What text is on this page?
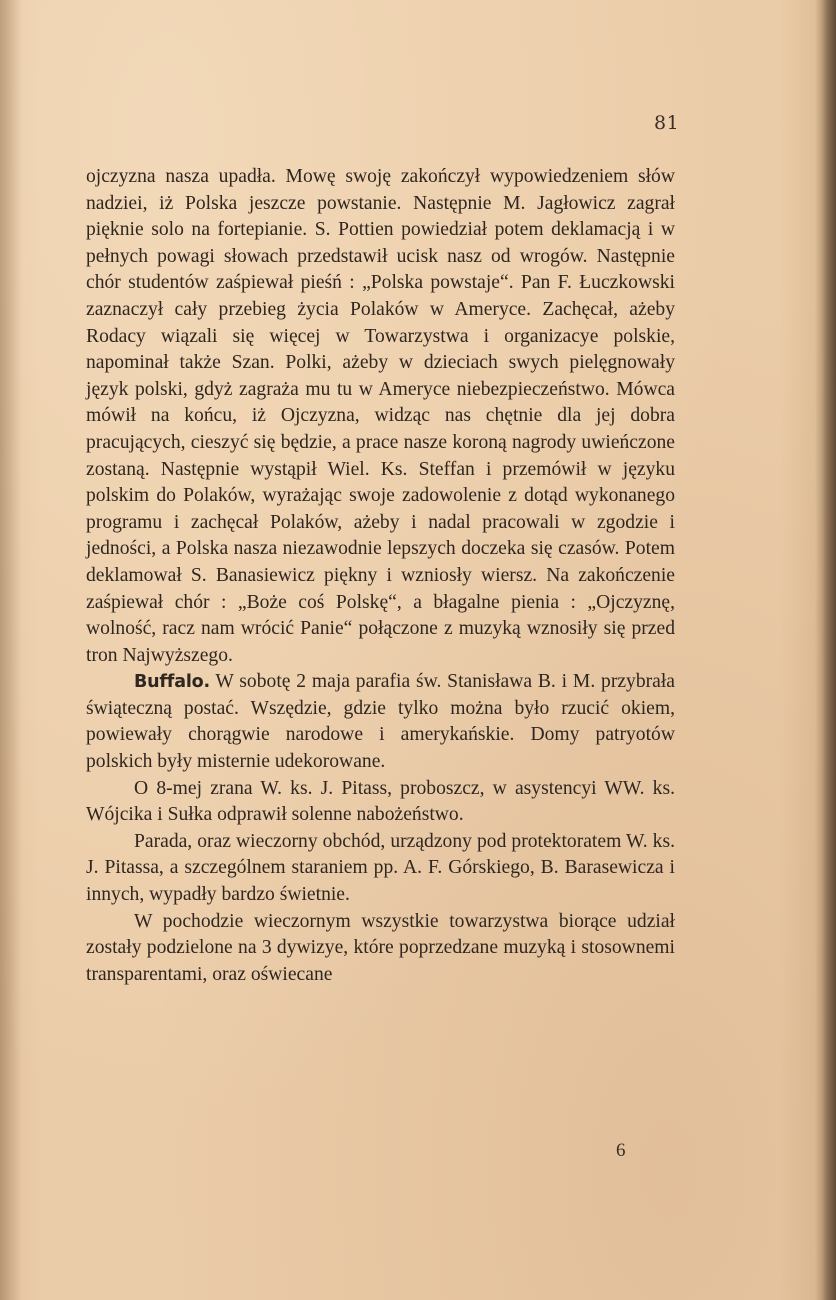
81

ojczyzna nasza upadła. Mowę swoję zakończył wypowiedzeniem słów nadziei, iż Polska jeszcze powstanie. Następnie M. Jagłowicz zagrał pięknie solo na fortepianie. S. Pottien powiedział potem deklamacją i w pełnych powagi słowach przedstawił ucisk nasz od wrogów. Następnie chór studentów zaśpiewał pieśń : „Polska powstaje“. Pan F. Łuczkowski zaznaczył cały przebieg życia Polaków w Ameryce. Zachęcał, ażeby Rodacy wiązali się więcej w Towarzystwa i organizacye polskie, napominał także Szan. Polki, ażeby w dzieciach swych pielęgnowały język polski, gdyż zagraża mu tu w Ameryce niebezpieczeństwo. Mówca mówił na końcu, iż Ojczyzna, widząc nas chętnie dla jej dobra pracujących, cieszyć się będzie, a prace nasze koroną nagrody uwieńczone zostaną. Następnie wystąpił Wiel. Ks. Steffan i przemówił w języku polskim do Polaków, wyrażając swoje zadowolenie z dotąd wykonanego programu i zachęcał Polaków, ażeby i nadal pracowali w zgodzie i jedności, a Polska nasza niezawodnie lepszych doczeka się czasów. Potem deklamował S. Banasiewicz piękny i wzniosły wiersz. Na zakończenie zaśpiewał chór : „Boże coś Polskę“, a błagalne pienia : „Ojczyznę, wolność, racz nam wrócić Panie“ połączone z muzyką wznosiły się przed tron Najwyższego.

Buffalo. W sobotę 2 maja parafia św. Stanisława B. i M. przybrała świąteczną postać. Wszędzie, gdzie tylko można było rzucić okiem, powiewały chorągwie narodowe i amerykańskie. Domy patryotów polskich były misternie udekorowane.

O 8-mej zrana W. ks. J. Pitass, proboszcz, w asystencyi WW. ks. Wójcika i Sułka odprawił solenne nabożeństwo.

Parada, oraz wieczorny obchód, urządzony pod protektoratem W. ks. J. Pitassa, a szczególnem staraniem pp. A. F. Górskiego, B. Barasewicza i innych, wypadły bardzo świetnie.

W pochodzie wieczornym wszystkie towarzystwa biorące udział zostały podzielone na 3 dywizye, które poprzedzane muzyką i stosownemi transparentami, oraz oświecane

6
